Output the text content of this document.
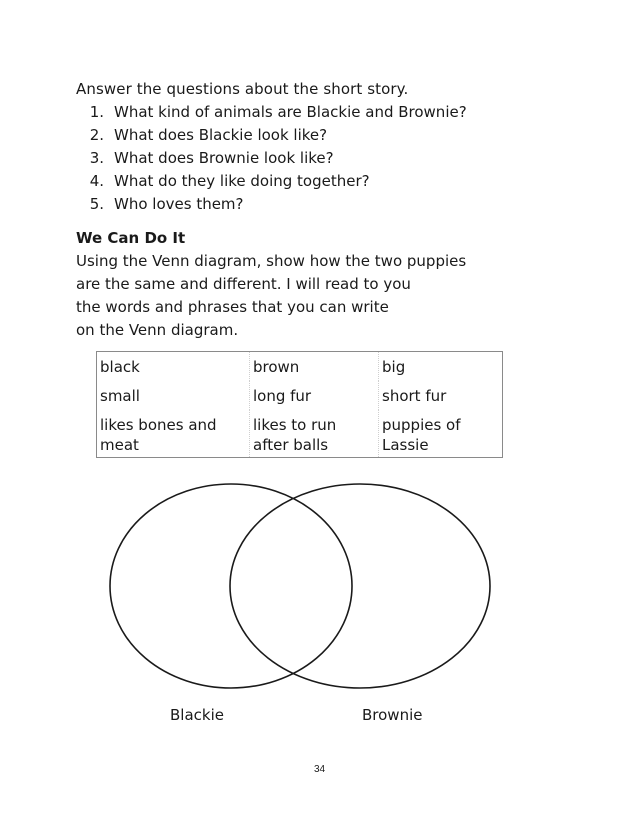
Answer the questions about the short story.

1. What kind of animals are Blackie and Brownie?
2. What does Blackie look like?
3. What does Brownie look like?
4. What do they like doing together?
5. Who loves them?
We Can Do It

Using the Venn diagram, show how the two puppies
are the same and different. I will read to you
the words and phrases that you can write
on the Venn diagram.

black	brown	big
small	long fur	short fur
likes bones and meat	likes to run after balls	puppies of Lassie
Blackie	Brownie
34
